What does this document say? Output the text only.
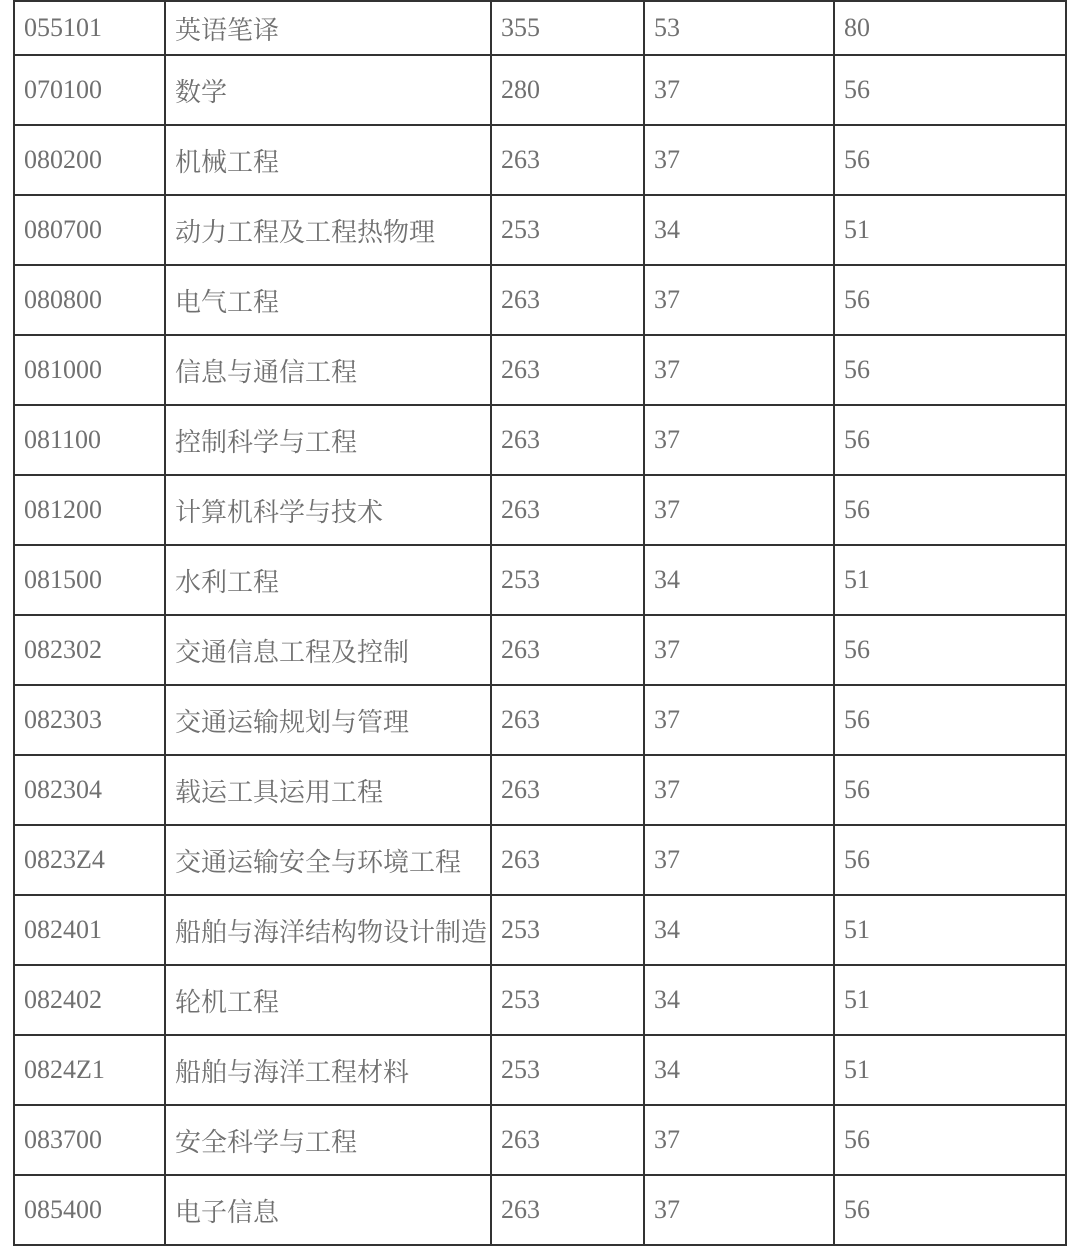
055101	英语笔译	355	53	80
070100	数学	280	37	56
080200	机械工程	263	37	56
080700	动力工程及工程热物理	253	34	51
080800	电气工程	263	37	56
081000	信息与通信工程	263	37	56
081100	控制科学与工程	263	37	56
081200	计算机科学与技术	263	37	56
081500	水利工程	253	34	51
082302	交通信息工程及控制	263	37	56
082303	交通运输规划与管理	263	37	56
082304	载运工具运用工程	263	37	56
0823Z4	交通运输安全与环境工程	263	37	56
082401	船舶与海洋结构物设计制造	253	34	51
082402	轮机工程	253	34	51
0824Z1	船舶与海洋工程材料	253	34	51
083700	安全科学与工程	263	37	56
085400	电子信息	263	37	56
